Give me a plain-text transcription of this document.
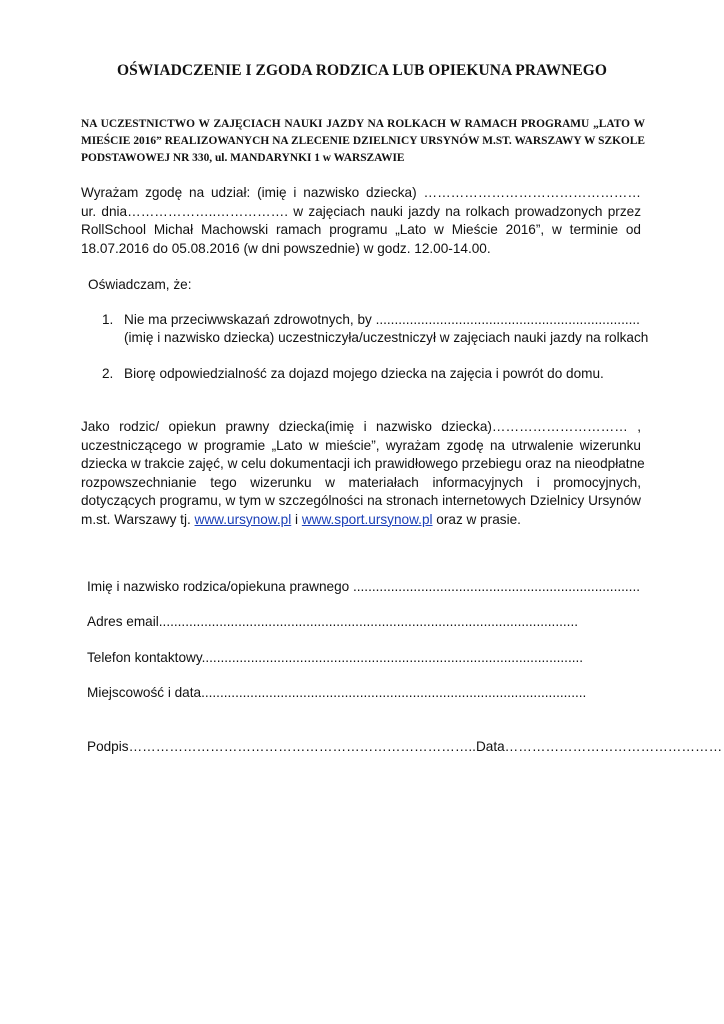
OŚWIADCZENIE I ZGODA RODZICA LUB OPIEKUNA PRAWNEGO
NA UCZESTNICTWO W ZAJĘCIACH NAUKI JAZDY NA ROLKACH W RAMACH PROGRAMU „LATO W
MIEŚCIE 2016” REALIZOWANYCH NA ZLECENIE DZIELNICY URSYNÓW M.ST. WARSZAWY W SZKOLE
PODSTAWOWEJ NR 330, ul. MANDARYNKI 1 w WARSZAWIE
Wyrażam zgodę na udział: (imię i nazwisko dziecka) …………………………………………
ur. dnia………………..……………. w zajęciach nauki jazdy na rolkach prowadzonych przez
RollSchool Michał Machowski ramach programu „Lato w Mieście 2016”, w terminie od
18.07.2016 do 05.08.2016 (w dni powszednie) w godz. 12.00-14.00.
Oświadczam, że:
1. Nie ma przeciwwskazań zdrowotnych, by ......................................................................
(imię i nazwisko dziecka) uczestniczyła/uczestniczył w zajęciach nauki jazdy na rolkach
2. Biorę odpowiedzialność za dojazd mojego dziecka na zajęcia i powrót do domu.
Jako rodzic/ opiekun prawny dziecka(imię i nazwisko dziecka)………………………… ,
uczestniczącego w programie „Lato w mieście”, wyrażam zgodę na utrwalenie wizerunku
dziecka w trakcie zajęć, w celu dokumentacji ich prawidłowego przebiegu oraz na nieodpłatne
rozpowszechnianie tego wizerunku w materiałach informacyjnych i promocyjnych,
dotyczących programu, w tym w szczególności na stronach internetowych Dzielnicy Ursynów
m.st. Warszawy tj. www.ursynow.pl i www.sport.ursynow.pl oraz w prasie.
Imię i nazwisko rodzica/opiekuna prawnego ............................................................................
Adres email...............................................................................................................
Telefon kontaktowy.....................................................................................................
Miejscowość i data......................................................................................................
Podpis…………………………………………………………………..Data…………………………………………
